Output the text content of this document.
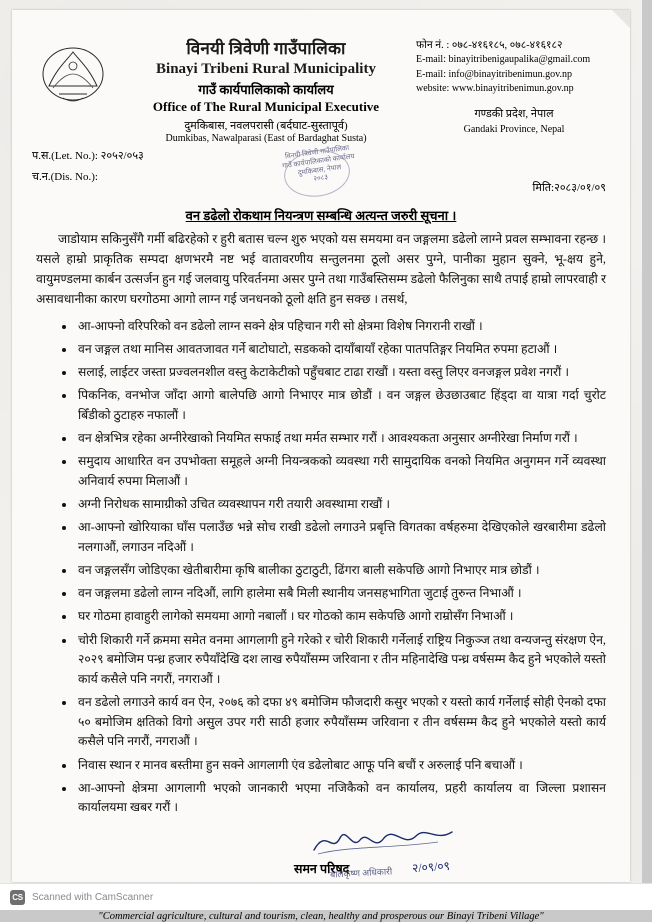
विनयी त्रिवेणी गाउँपालिका
Binayi Tribeni Rural Municipality
गाउँ कार्यपालिकाको कार्यालय
Office of The Rural Municipal Executive
दुमकिबास, नवलपरासी (बर्दघाट-सुस्तापूर्व)
Dumkibas, Nawalparasi (East of Bardaghat Susta)
फोन नं. : ०७८-४१६१८५, ०७८-४१६१८२
E-mail: binayitribenigaupalika@gmail.com
E-mail: info@binayitribenimun.gov.np
website: www.binayitribenimun.gov.np
गण्डकी प्रदेश, नेपाल
Gandaki Province, Nepal
प.स.(Let. No.): २०५२/०५३
च.न.(Dis. No.):
विनयी त्रिवेणी गाउँपालिका
गाउँ कार्यपालिकाको कार्यालय
दुमकिबास, नेपाल
२०८३
मिति:२०८३/०१/०९
वन डढेलो रोकथाम नियन्त्रण सम्बन्धि अत्यन्त जरुरी सूचना ।
जाडोयाम सकिनुसँगै गर्मी बढिरहेको र हुरी बतास चल्न शुरु भएको यस समयमा वन जङ्गलमा डढेलो लाग्ने प्रवल सम्भावना रहन्छ । यसले हाम्रो प्राकृतिक सम्पदा क्षणभरमै नष्ट भई वातावरणीय सन्तुलनमा ठूलो असर पुग्ने, पानीका मुहान सुक्ने, भू-क्षय हुने, वायुमण्डलमा कार्बन उत्सर्जन हुन गई जलवायु परिवर्तनमा असर पुग्ने तथा गाउँबस्तिसम्म डढेलो फैलिनुका साथै तपाई हाम्रो लापरवाही र असावधानीका कारण घरगोठमा आगो लाग्न गई जनधनको ठूलो क्षति हुन सक्छ । तसर्थ,
आ-आफ्नो वरिपरिको वन डढेलो लाग्न सक्ने क्षेत्र पहिचान गरी सो क्षेत्रमा विशेष निगरानी राखौं ।
वन जङ्गल तथा मानिस आवतजावत गर्ने बाटोघाटो, सडकको दायाँबायाँ रहेका पातपतिङ्गर नियमित रुपमा हटाऔं ।
सलाई, लाईटर जस्ता प्रज्वलनशील वस्तु केटाकेटीको पहुँचबाट टाढा राखौं । यस्ता वस्तु लिएर वनजङ्गल प्रवेश नगरौं ।
पिकनिक, वनभोज जाँदा आगो बालेपछि आगो निभाएर मात्र छोडौं । वन जङ्गल छेउछाउबाट हिंड्दा वा यात्रा गर्दा चुरोट बिँडीको ठुटाहरु नफालौं ।
वन क्षेत्रभित्र रहेका अग्नीरेखाको नियमित सफाई तथा मर्मत सम्भार गरौं । आवश्यकता अनुसार अग्नीरेखा निर्माण गरौं ।
समुदाय आधारित वन उपभोक्ता समूहले अग्नी नियन्त्रकको व्यवस्था गरी सामुदायिक वनको नियमित अनुगमन गर्ने व्यवस्था अनिवार्य रुपमा मिलाऔं ।
अग्नी निरोधक सामाग्रीको उचित व्यवस्थापन गरी तयारी अवस्थामा राखौं ।
आ-आफ्नो खोरियाका घाँस पलाउँछ भन्ने सोच राखी डढेलो लगाउने प्रबृत्ति विगतका वर्षहरुमा देखिएकोले खरबारीमा डढेलो नलगाऔं, लगाउन नदिऔं ।
वन जङ्गलसँग जोडिएका खेतीबारीमा कृषि बालीका ठुटाठुटी, ढिंगरा बाली सकेपछि आगो निभाएर मात्र छोडौं ।
वन जङ्गलमा डढेलो लाग्न नदिऔं, लागि हालेमा सबै मिली स्थानीय जनसहभागिता जुटाई तुरुन्त निभाऔं ।
घर गोठमा हावाहुरी लागेको समयमा आगो नबालौं । घर गोठको काम सकेपछि आगो राम्रोसँग निभाऔं ।
चोरी शिकारी गर्ने क्रममा समेत वनमा आगलागी हुने गरेको र चोरी शिकारी गर्नेलाई राष्ट्रिय निकुञ्ज तथा वन्यजन्तु संरक्षण ऐन, २०२९ बमोजिम पन्ध्र हजार रुपैयाँदेखि दश लाख रुपैयाँसम्म जरिवाना र तीन महिनादेखि पन्ध्र वर्षसम्म कैद हुने भएकोले यस्तो कार्य कसैले पनि नगरौं, नगराऔं ।
वन डढेलो लगाउने कार्य वन ऐन, २०७६ को दफा ४९ बमोजिम फौजदारी कसुर भएको र यस्तो कार्य गर्नेलाई सोही ऐनको दफा ५० बमोजिम क्षतिको विगो असुल उपर गरी साठी हजार रुपैयाँसम्म जरिवाना र तीन वर्षसम्म कैद हुने भएकोले यस्तो कार्य कसैले पनि नगरौं, नगराऔं ।
निवास स्थान र मानव बस्तीमा हुन सक्ने आगलागी एंव डढेलोबाट आफू पनि बचौं र अरुलाई पनि बचाऔं ।
आ-आफ्नो क्षेत्रमा आगलागी भएको जानकारी भएमा नजिकैको वन कार्यालय, प्रहरी कार्यालय वा जिल्ला प्रशासन कार्यालयमा खबर गरौं ।
समन परिषद
बालकृष्ण अधिकारी २/०९/०९
"Commercial agriculture, cultural and tourism, clean, healthy and prosperous our Binayi Tribeni Village"
CS Scanned with CamScanner
